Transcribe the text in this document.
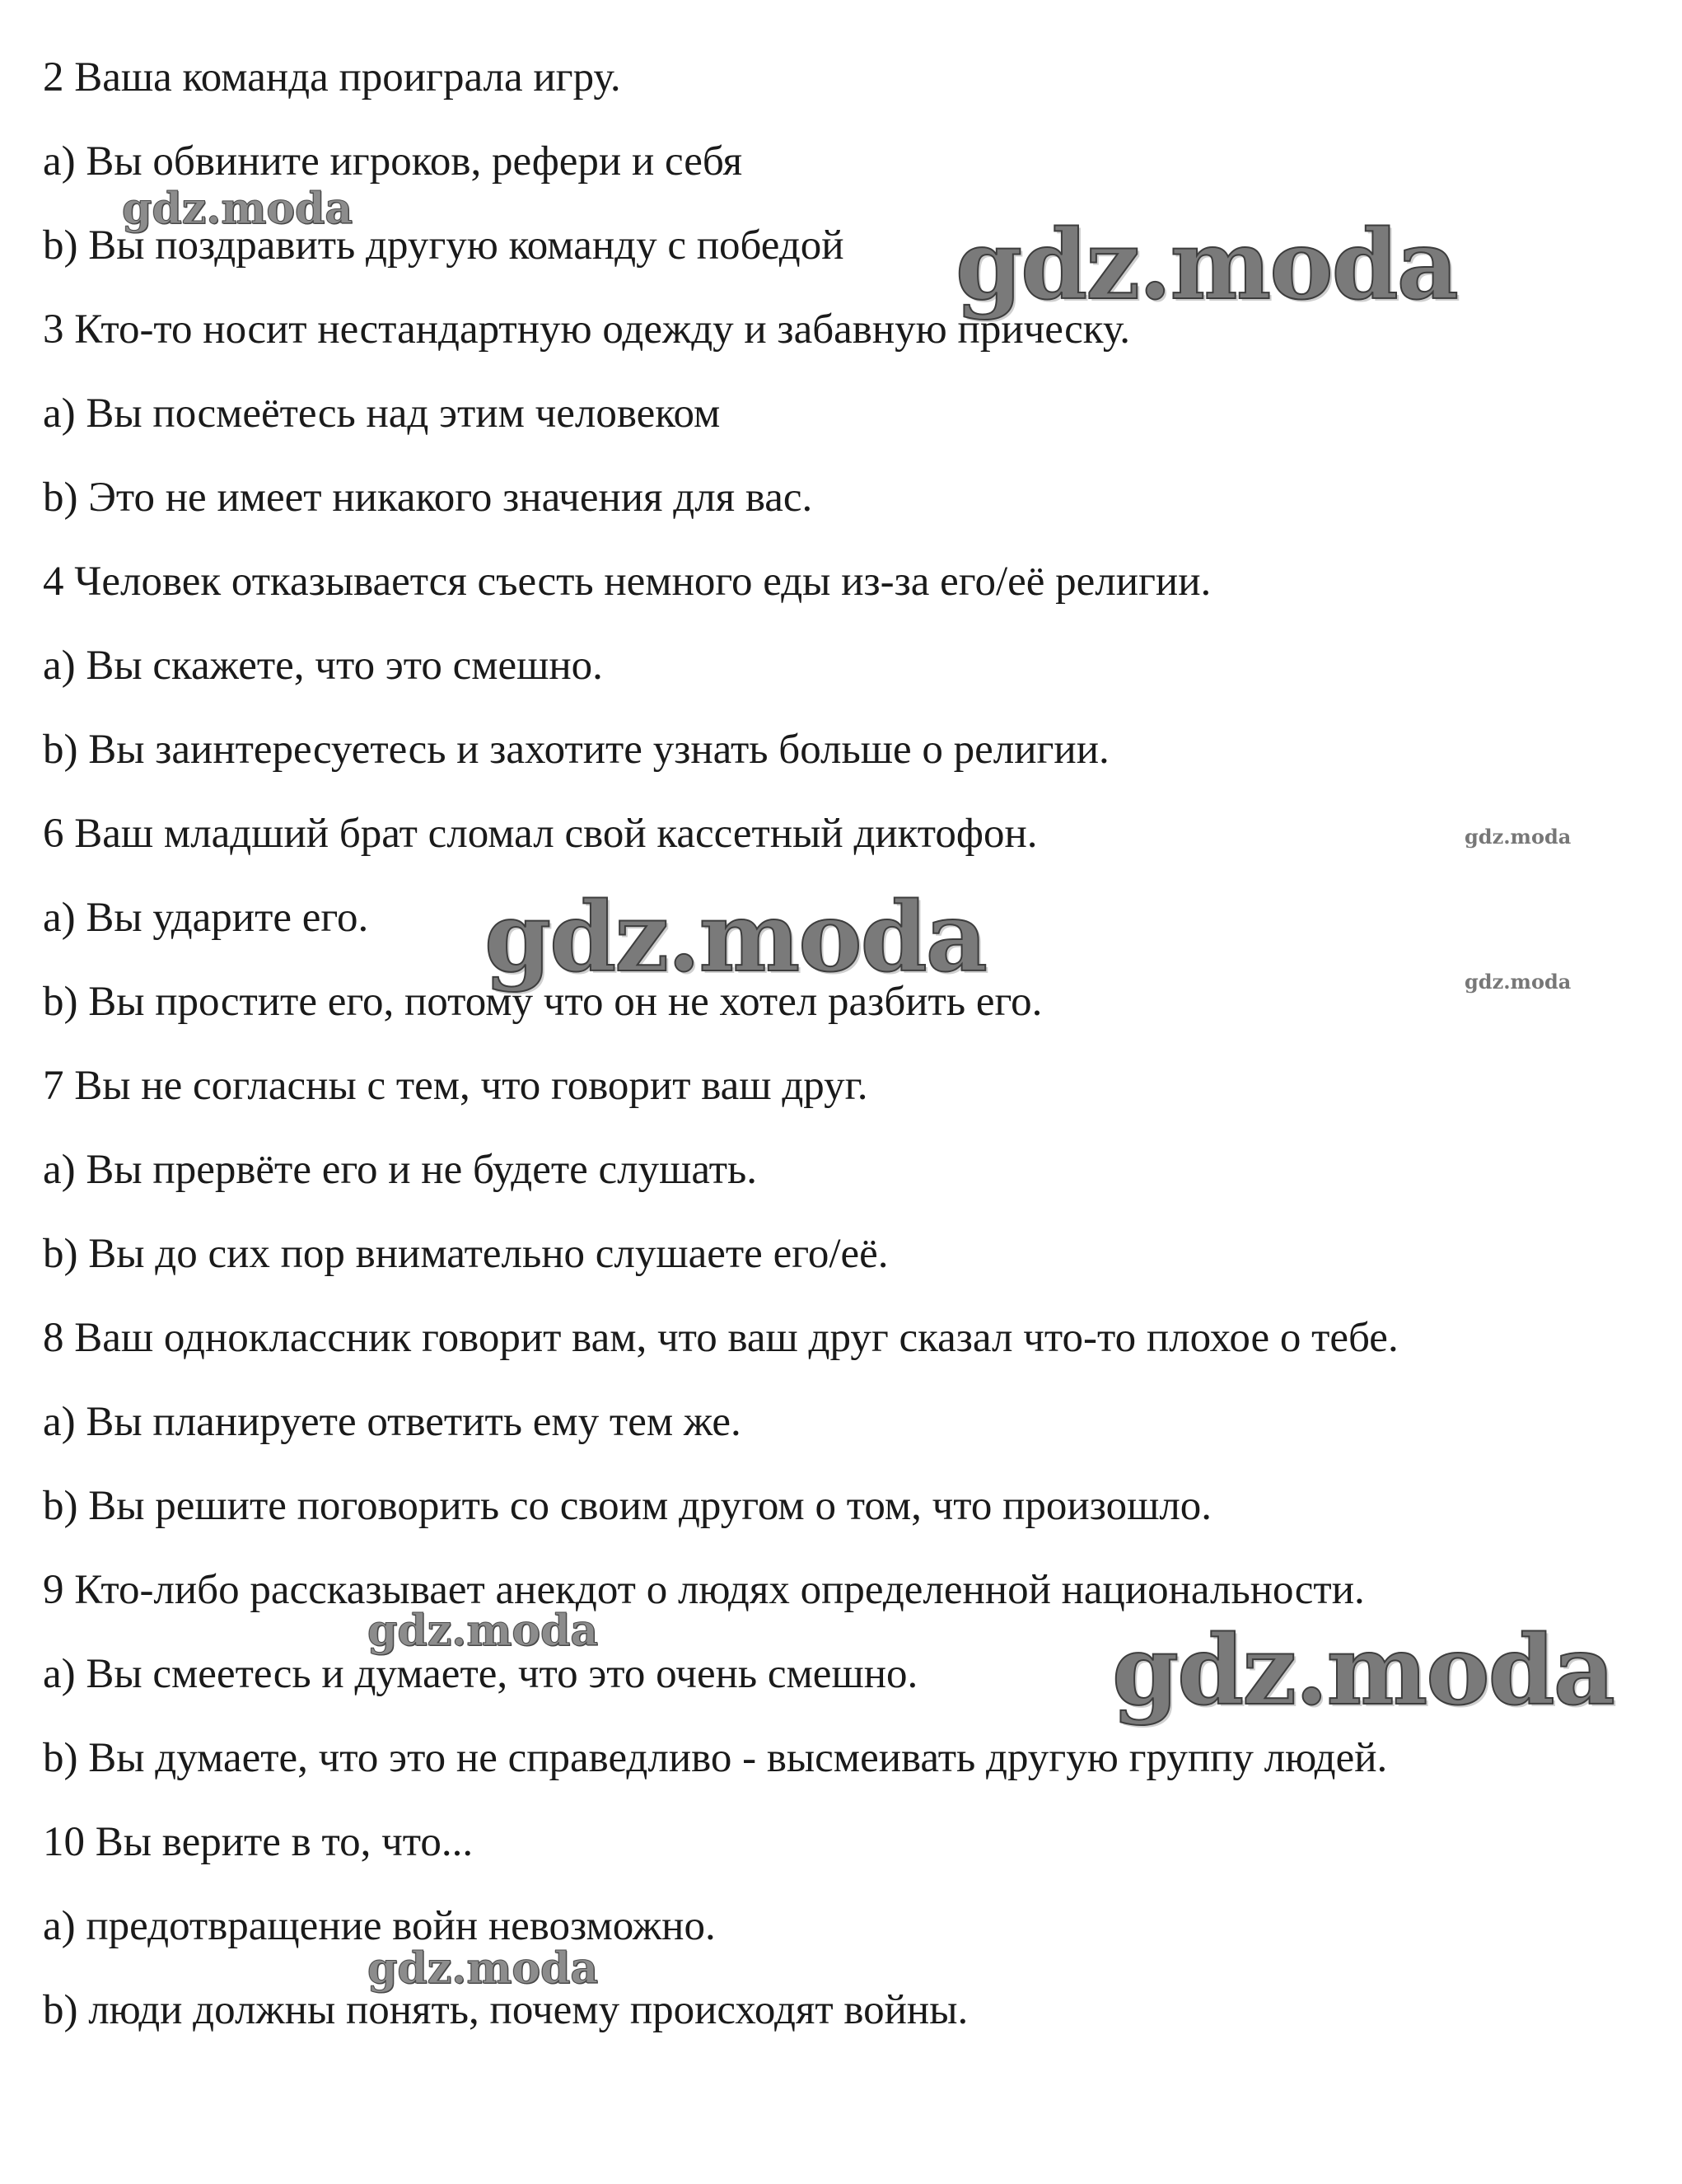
2 Ваша команда проиграла игру.
a) Вы обвините игроков, рефери и себя
b) Вы поздравить другую команду с победой
3 Кто-то носит нестандартную одежду и забавную прическу.
a) Вы посмеётесь над этим человеком
b) Это не имеет никакого значения для вас.
4 Человек отказывается съесть немного еды из-за его/её религии.
a) Вы скажете, что это смешно.
b) Вы заинтересуетесь и захотите узнать больше о религии.
6 Ваш младший брат сломал свой кассетный диктофон.
a) Вы ударите его.
b) Вы простите его, потому что он не хотел разбить его.
7 Вы не согласны с тем, что говорит ваш друг.
a) Вы прервёте его и не будете слушать.
b) Вы до сих пор внимательно слушаете его/её.
8 Ваш одноклассник говорит вам, что ваш друг сказал что-то плохое о тебе.
a) Вы планируете ответить ему тем же.
b) Вы решите поговорить со своим другом о том, что произошло.
9 Кто-либо рассказывает анекдот о людях определенной национальности.
a) Вы смеетесь и думаете, что это очень смешно.
b) Вы думаете, что это не справедливо - высмеивать другую группу людей.
10 Вы верите в то, что...
a) предотвращение войн невозможно.
b) люди должны понять, почему происходят войны.
gdz.moda
gdz.moda
gdz.moda
gdz.moda	gdz.moda
gdz.moda	gdz.moda
gdz.moda
